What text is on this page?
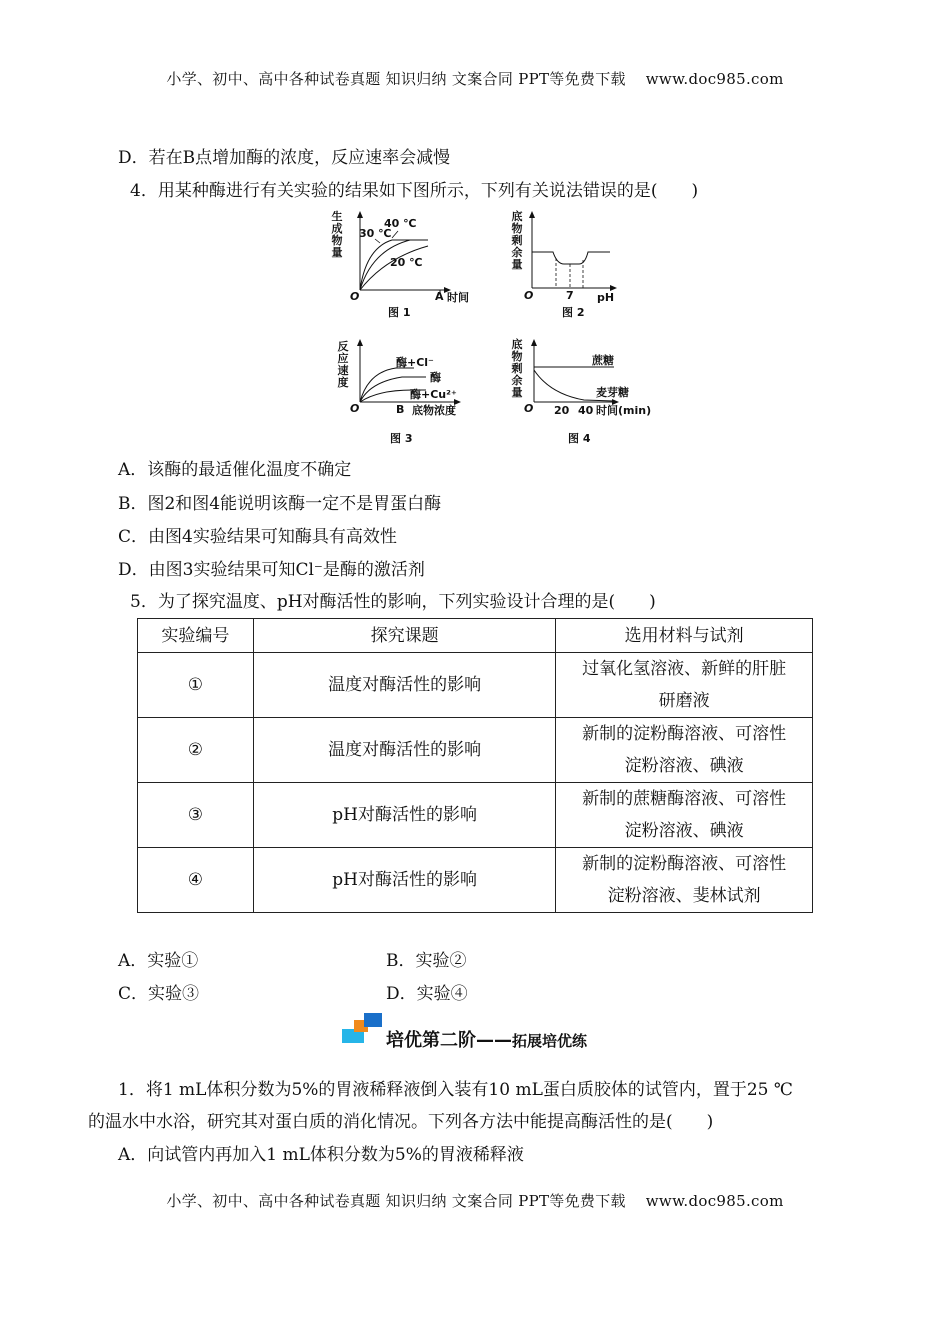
小学、初中、高中各种试卷真题 知识归纳 文案合同 PPT等免费下载 www.doc985.com
D．若在B点增加酶的浓度，反应速率会减慢
4．用某种酶进行有关实验的结果如下图所示，下列有关说法错误的是(　　)
生
成
物
量
30 ℃
40 ℃
20 ℃
O	A 时间
图 1
底
物
剩
余
量
O	7 pH
图 2
反
应
速
度
酶+Cl⁻
酶
酶+Cu²⁺
O	B 底物浓度
图 3
底
物
剩
余
量
蔗糖
麦芽糖
O 20 40 时间(min)
图 4
A．该酶的最适催化温度不确定
B．图2和图4能说明该酶一定不是胃蛋白酶
C．由图4实验结果可知酶具有高效性
D．由图3实验结果可知Cl⁻是酶的激活剂
5．为了探究温度、pH对酶活性的影响，下列实验设计合理的是(　　)
实验编号	探究课题	选用材料与试剂
①	温度对酶活性的影响	过氧化氢溶液、新鲜的肝脏
研磨液

②	温度对酶活性的影响	新制的淀粉酶溶液、可溶性
淀粉溶液、碘液

③	pH对酶活性的影响	新制的蔗糖酶溶液、可溶性
淀粉溶液、碘液

④	pH对酶活性的影响	新制的淀粉酶溶液、可溶性
淀粉溶液、斐林试剂
A．实验①	B．实验②
C．实验③	D．实验④
培优第二阶——拓展培优练
1．将1 mL体积分数为5%的胃液稀释液倒入装有10 mL蛋白质胶体的试管内，置于25 ℃
的温水中水浴，研究其对蛋白质的消化情况。下列各方法中能提高酶活性的是(　　)
A．向试管内再加入1 mL体积分数为5%的胃液稀释液
小学、初中、高中各种试卷真题 知识归纳 文案合同 PPT等免费下载 www.doc985.com
